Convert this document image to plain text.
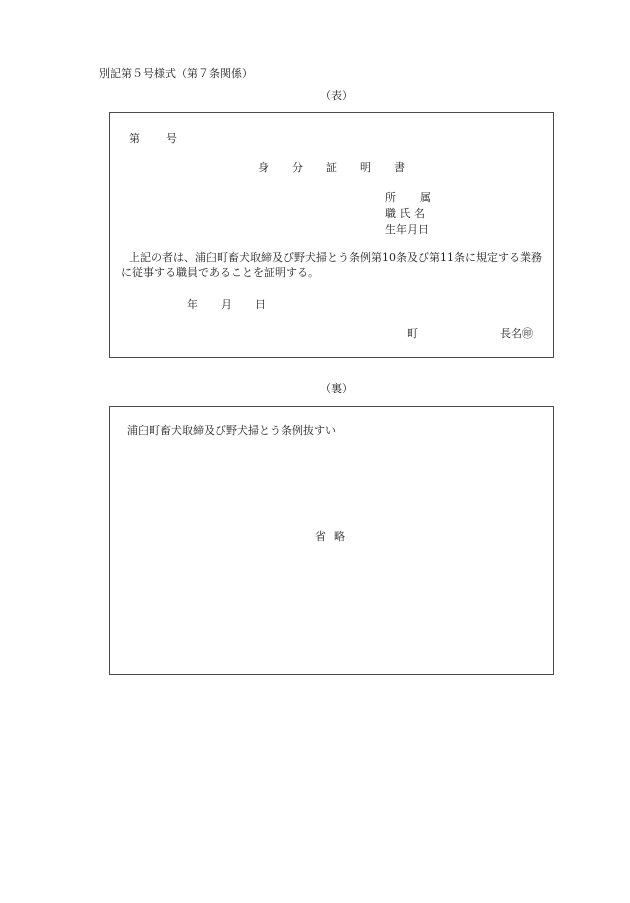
別記第５号様式（第７条関係）
（表）
第 号
身 分 証 明 書
所 属
職 氏 名
生年月日
上記の者は、浦臼町畜犬取締及び野犬掃とう条例第10条及び第11条に規定する業務に従事する職員であることを証明する。
年 月 日
町	長名㊞
（裏）
浦臼町畜犬取締及び野犬掃とう条例抜すい
省 略
